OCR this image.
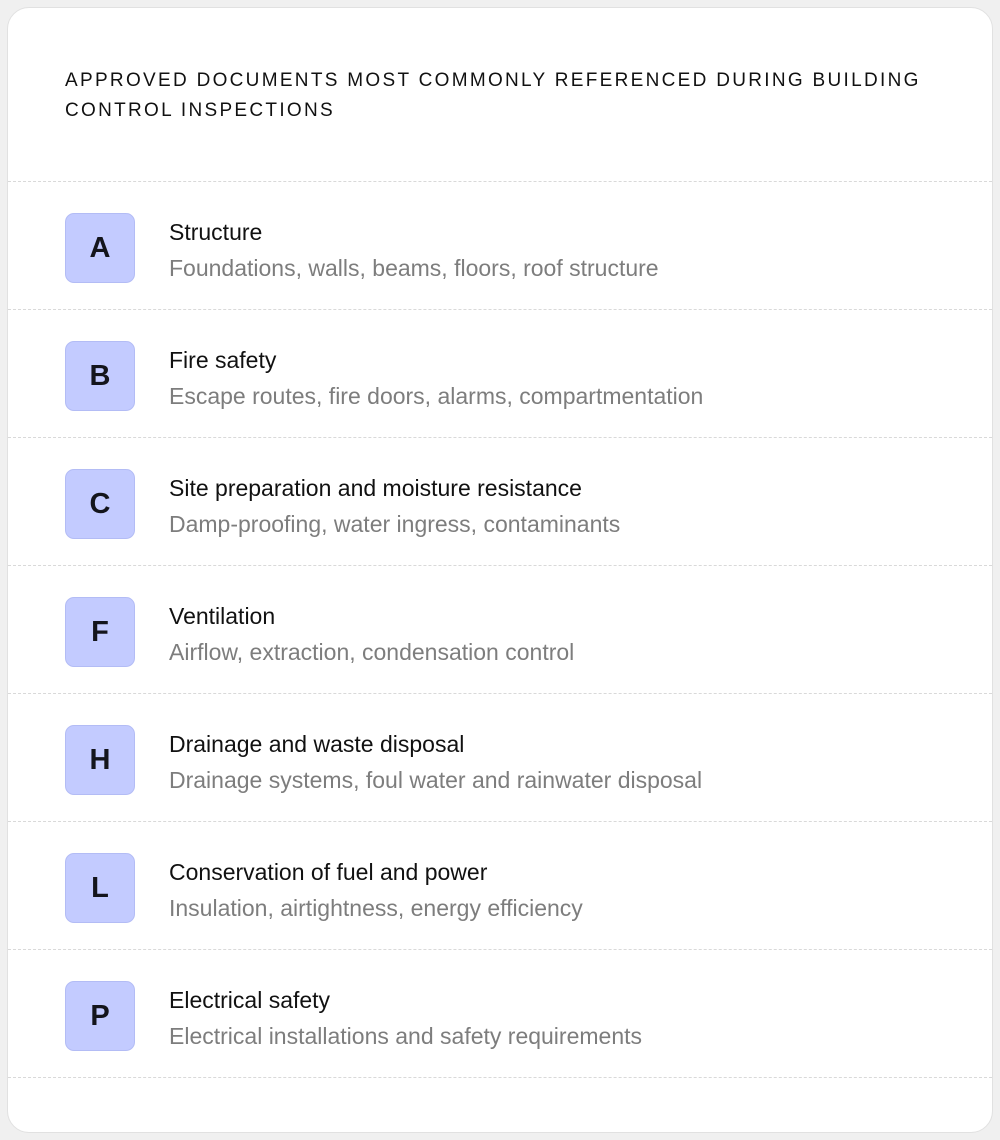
APPROVED DOCUMENTS MOST COMMONLY REFERENCED DURING BUILDING CONTROL INSPECTIONS
A	Structure
Foundations, walls, beams, floors, roof structure
B	Fire safety
Escape routes, fire doors, alarms, compartmentation
C	Site preparation and moisture resistance
Damp-proofing, water ingress, contaminants
F	Ventilation
Airflow, extraction, condensation control
H	Drainage and waste disposal
Drainage systems, foul water and rainwater disposal
L	Conservation of fuel and power
Insulation, airtightness, energy efficiency
P	Electrical safety
Electrical installations and safety requirements
